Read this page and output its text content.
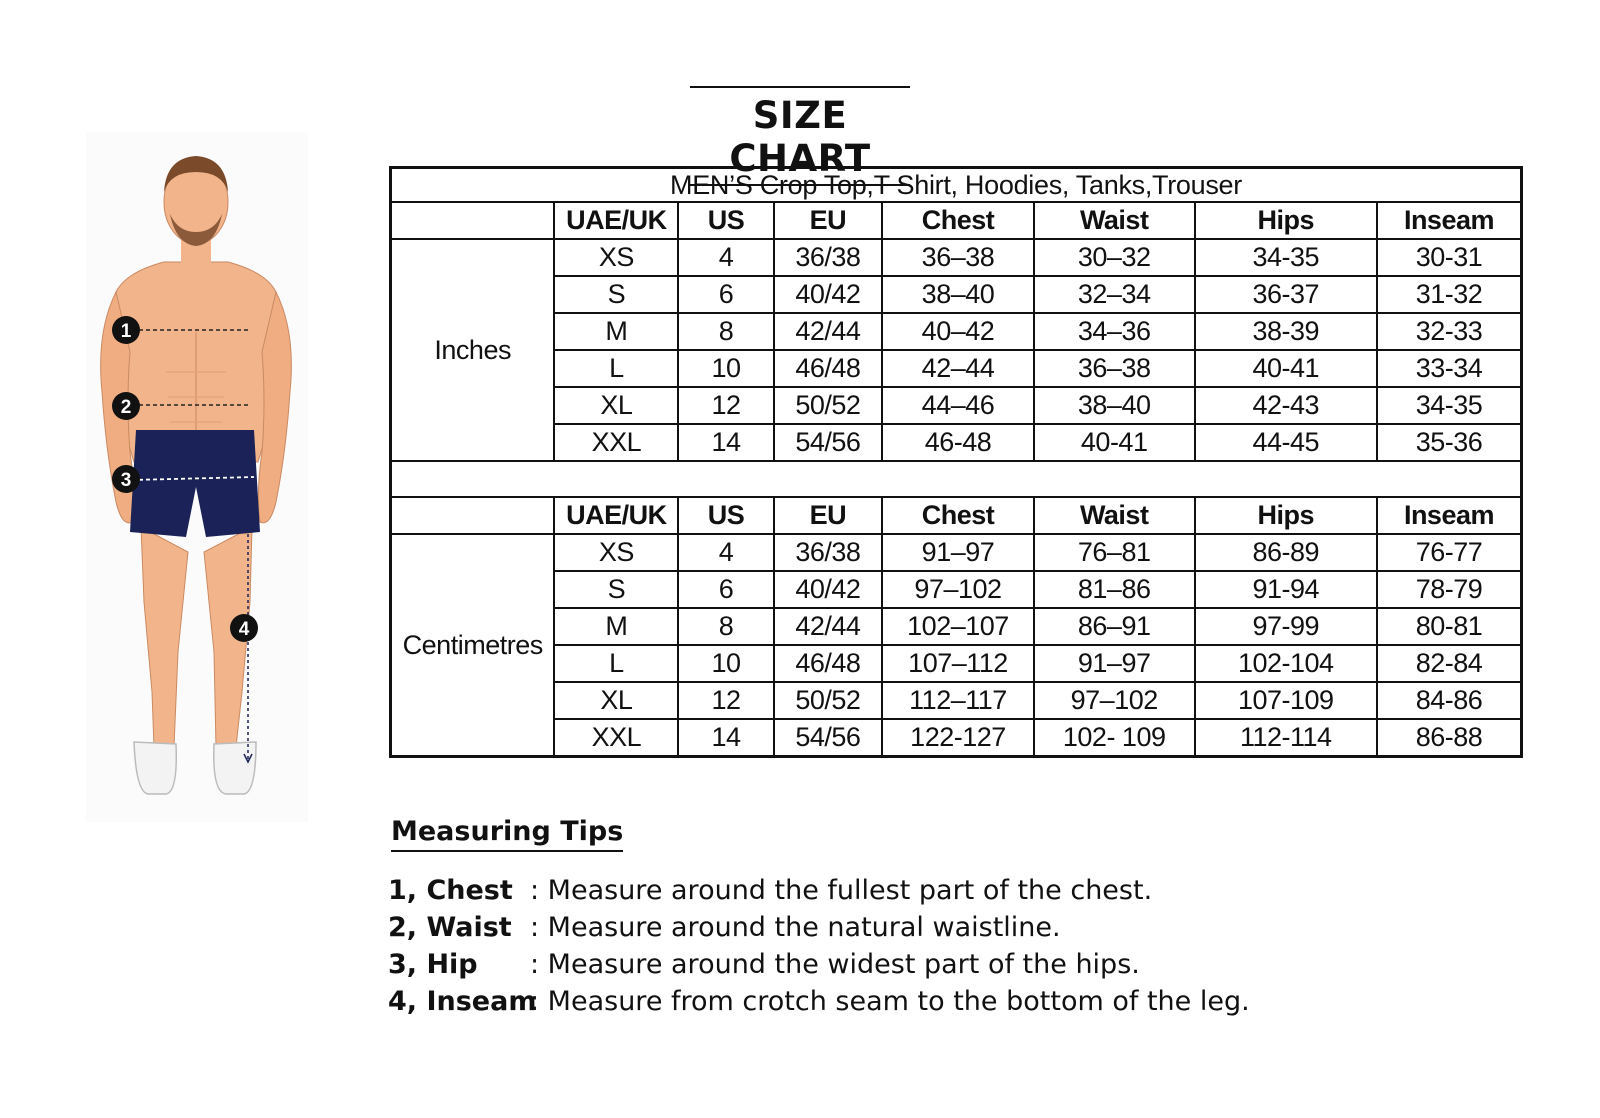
SIZE CHART
1
2
3
4
MEN’S Crop Top,T Shirt, Hoodies, Tanks,Trouser							
	UAE/UK	US	EU	Chest	Waist	Hips	Inseam
Inches	XS	4	36/38	36–38	30–32	34-35	30-31
	S	6	40/42	38–40	32–34	36-37	31-32
	M	8	42/44	40–42	34–36	38-39	32-33
	L	10	46/48	42–44	36–38	40-41	33-34
	XL	12	50/52	44–46	38–40	42-43	34-35
	XXL	14	54/56	46-48	40-41	44-45	35-36

	UAE/UK	US	EU	Chest	Waist	Hips	Inseam
Centimetres	XS	4	36/38	91–97	76–81	86-89	76-77
	S	6	40/42	97–102	81–86	91-94	78-79
	M	8	42/44	102–107	86–91	97-99	80-81
	L	10	46/48	107–112	91–97	102-104	82-84
	XL	12	50/52	112–117	97–102	107-109	84-86
	XXL	14	54/56	122-127	102- 109	112-114	86-88
Measuring Tips
1, Chest : Measure around the fullest part of the chest.
2, Waist : Measure around the natural waistline.
3, Hip	: Measure around the widest part of the hips.
4, Inseam
: Measure from crotch seam to the bottom of the leg.
